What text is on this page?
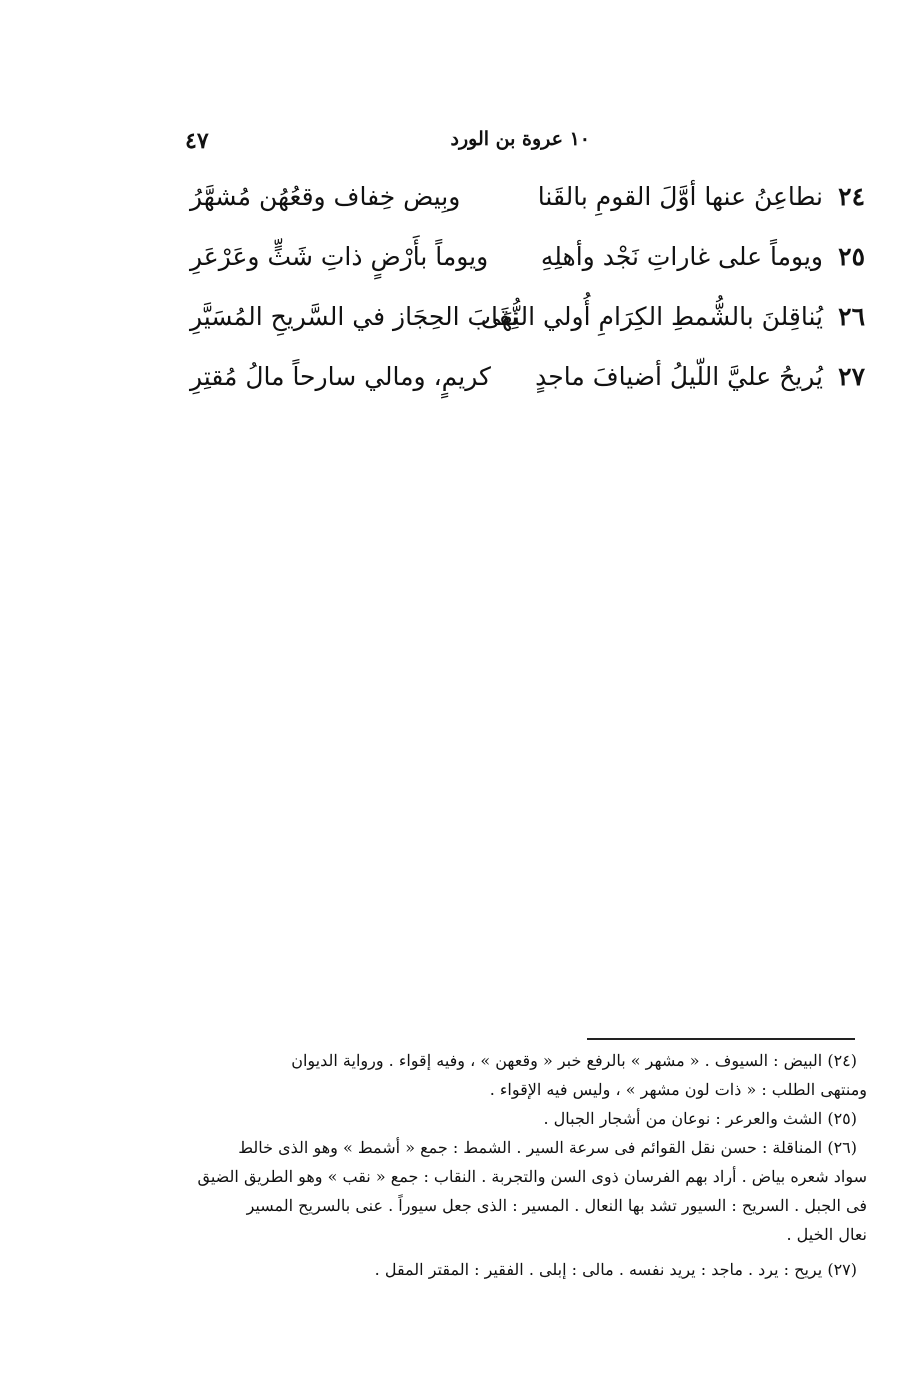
١٠ عروة بن الورد
٤٧
٢٤
نطاعِنُ عنها أوَّلَ القومِ بالقَنا
وبِيض خِفاف وقعُهُن مُشهَّرُ
٢٥
ويوماً على غاراتِ نَجْد وأهلِهِ
ويوماً بأَرْضٍ ذاتِ شَثٍّ وعَرْعَرِ
٢٦
يُناقِلنَ بالشُّمطِ الكِرَامِ أُولي النُّهَى
نِقَابَ الحِجَاز في السَّريحِ المُسَيَّرِ
٢٧
يُريحُ عليَّ اللّيلُ أضيافَ ماجدٍ
كريمٍ، ومالي سارحاً مالُ مُقتِرِ

(٢٤) البيض : السيوف . « مشهر » بالرفع خبر « وقعهن » ، وفيه إقواء . ورواية الديوان
ومنتهى الطلب : « ذات لون مشهر » ، وليس فيه الإقواء .

(٢٥) الشث والعرعر : نوعان من أشجار الجبال .

(٢٦) المناقلة : حسن نقل القوائم فى سرعة السير . الشمط : جمع « أشمط » وهو الذى خالط
سواد شعره بياض . أراد بهم الفرسان ذوى السن والتجربة . النقاب : جمع « نقب » وهو الطريق الضيق
فى الجبل . السريح : السيور تشد بها النعال . المسير : الذى جعل سيوراً . عنى بالسريح المسير
نعال الخيل .

(٢٧) يريح : يرد . ماجد : يريد نفسه . مالى : إبلى . الفقير : المقتر المقل .
